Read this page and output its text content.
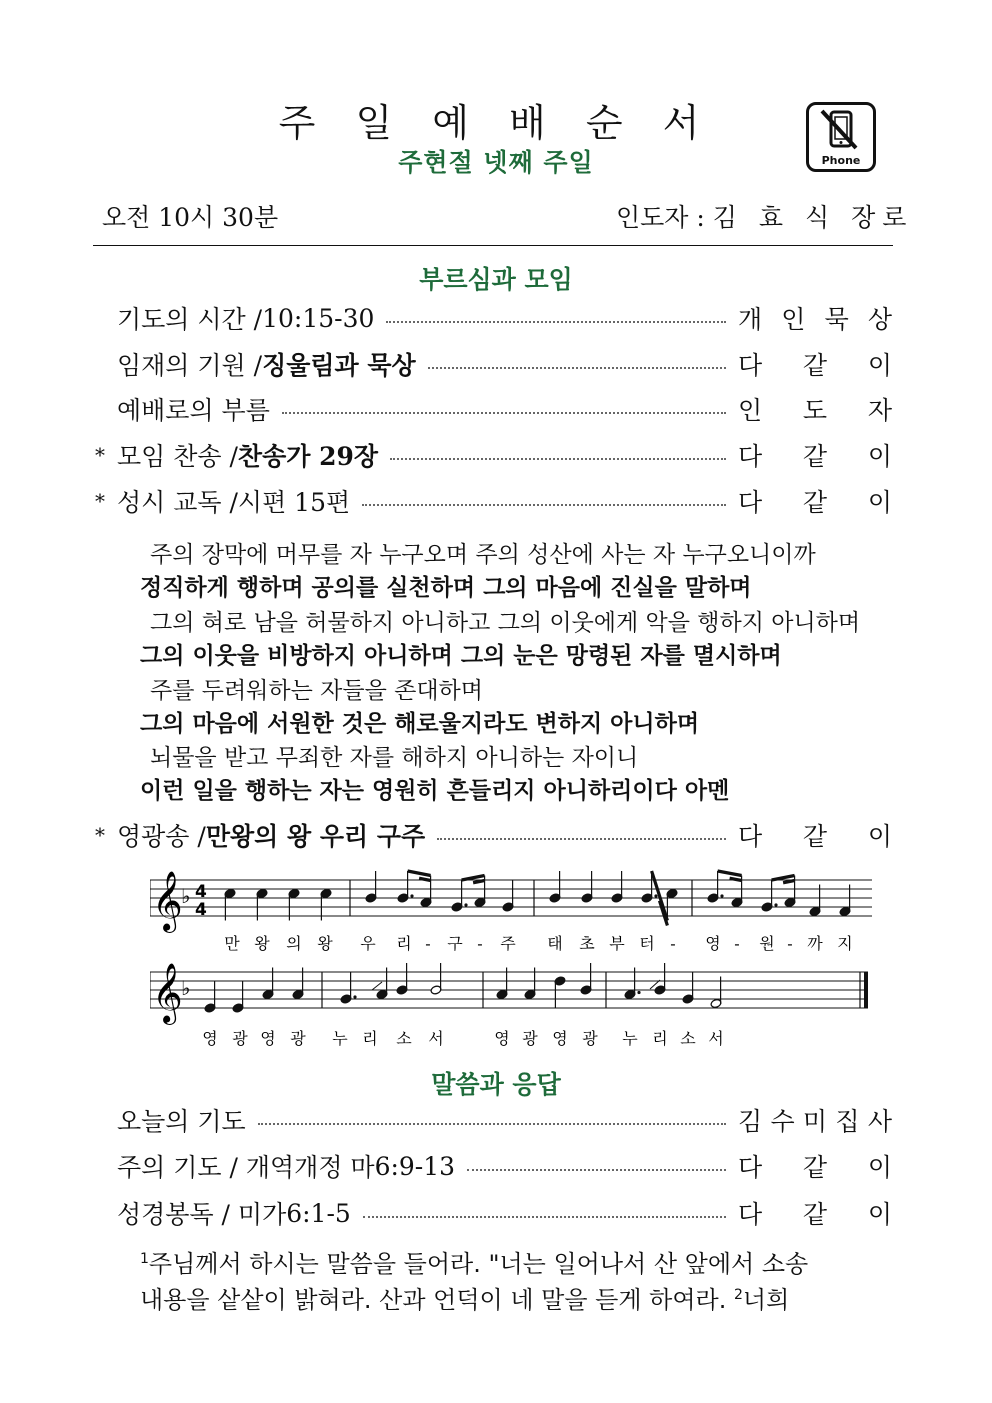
주 일 예 배 순 서
주현절 넷째 주일	Phone
오전 10시 30분	인도자 : 김 효 식 장로
부르심과 모임
기도의 시간 / 10:15-30	개 인 묵 상
임재의 기원 / 징울림과 묵상	다 같 이
예배로의 부름	인 도 자
* 모임 찬송 / 찬송가 29장	다 같 이
* 성시 교독 / 시편 15편	다 같 이
주의 장막에 머무를 자 누구오며 주의 성산에 사는 자 누구오니이까
정직하게 행하며 공의를 실천하며 그의 마음에 진실을 말하며
그의 혀로 남을 허물하지 아니하고 그의 이웃에게 악을 행하지 아니하며
그의 이웃을 비방하지 아니하며 그의 눈은 망령된 자를 멸시하며
주를 두려워하는 자들을 존대하며
그의 마음에 서원한 것은 해로울지라도 변하지 아니하며
뇌물을 받고 무죄한 자를 해하지 아니하는 자이니
이런 일을 행하는 자는 영원히 흔들리지 아니하리이다 아멘
* 영광송 / 만왕의 왕 우리 구주	다 같 이
𝄞
♭ 4
4
만 왕 의 왕 우 리 - 구 - 주 태 초 부 터 - 영 - 원 - 까 지
𝄞
♭
영 광 영 광 누 리 소 서	영 광 영 광 누 리 소 서
말씀과 응답
오늘의 기도	김 수 미 집 사
주의 기도 / 개역개정 마 6:9-13	다 같 이
성경봉독 / 미가 6:1-5	다 같 이
$^1$주님께서 하시는 말씀을 들어라. "너는 일어나서 산 앞에서 소송
내용을 샅샅이 밝혀라. 산과 언덕이 네 말을 듣게 하여라. $^2$너희
